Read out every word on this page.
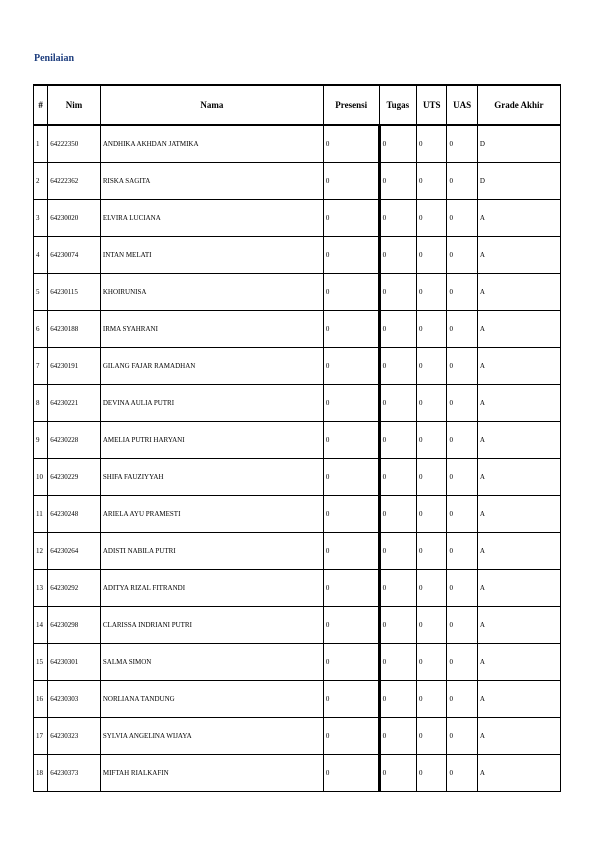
Penilaian
#	Nim	Nama	Presensi	Tugas	UTS	UAS	Grade Akhir
1	64222350	ANDHIKA AKHDAN JATMIKA	0	0	0	0	D
2	64222362	RISKA SAGITA	0	0	0	0	D
3	64230020	ELVIRA LUCIANA	0	0	0	0	A
4	64230074	INTAN MELATI	0	0	0	0	A
5	64230115	KHOIRUNISA	0	0	0	0	A
6	64230188	IRMA SYAHRANI	0	0	0	0	A
7	64230191	GILANG FAJAR RAMADHAN	0	0	0	0	A
8	64230221	DEVINA AULIA PUTRI	0	0	0	0	A
9	64230228	AMELIA PUTRI HARYANI	0	0	0	0	A
10	64230229	SHIFA FAUZIYYAH	0	0	0	0	A
11	64230248	ARIELA AYU PRAMESTI	0	0	0	0	A
12	64230264	ADISTI NABILA PUTRI	0	0	0	0	A
13	64230292	ADITYA RIZAL FITRANDI	0	0	0	0	A
14	64230298	CLARISSA INDRIANI PUTRI	0	0	0	0	A
15	64230301	SALMA SIMON	0	0	0	0	A
16	64230303	NORLIANA TANDUNG	0	0	0	0	A
17	64230323	SYLVIA ANGELINA WIJAYA	0	0	0	0	A
18	64230373	MIFTAH RIALKAFIN	0	0	0	0	A
